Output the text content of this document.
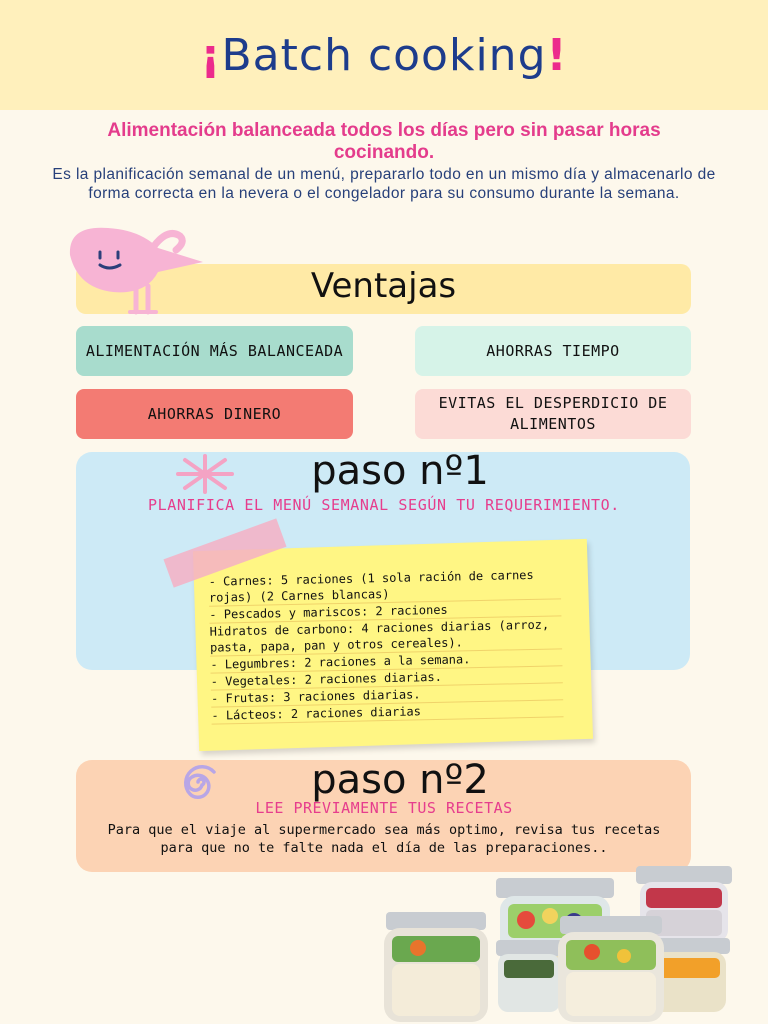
¡Batch cooking!
Alimentación balanceada todos los días pero sin pasar horas cocinando.
Es la planificación semanal de un menú, prepararlo todo en un mismo día y almacenarlo de forma correcta en la nevera o el congelador para su consumo durante la semana.
Ventajas
ALIMENTACIÓN MÁS BALANCEADA	AHORRAS TIEMPO
AHORRAS DINERO
EVITAS EL DESPERDICIO DE ALIMENTOS
paso nº1
PLANIFICA EL MENÚ SEMANAL SEGÚN TU REQUERIMIENTO.
- Carnes: 5 raciones (1 sola ración de carnes rojas) (2 Carnes blancas)
- Pescados y mariscos: 2 raciones
Hidratos de carbono: 4 raciones diarias (arroz, pasta, papa, pan y otros cereales).
- Legumbres: 2 raciones a la semana.
- Vegetales: 2 raciones diarias.
- Frutas: 3 raciones diarias.
- Lácteos: 2 raciones diarias
paso nº2
LEE PREVIAMENTE TUS RECETAS
Para que el viaje al supermercado sea más optimo, revisa tus recetas para que no te falte nada el día de las preparaciones..
